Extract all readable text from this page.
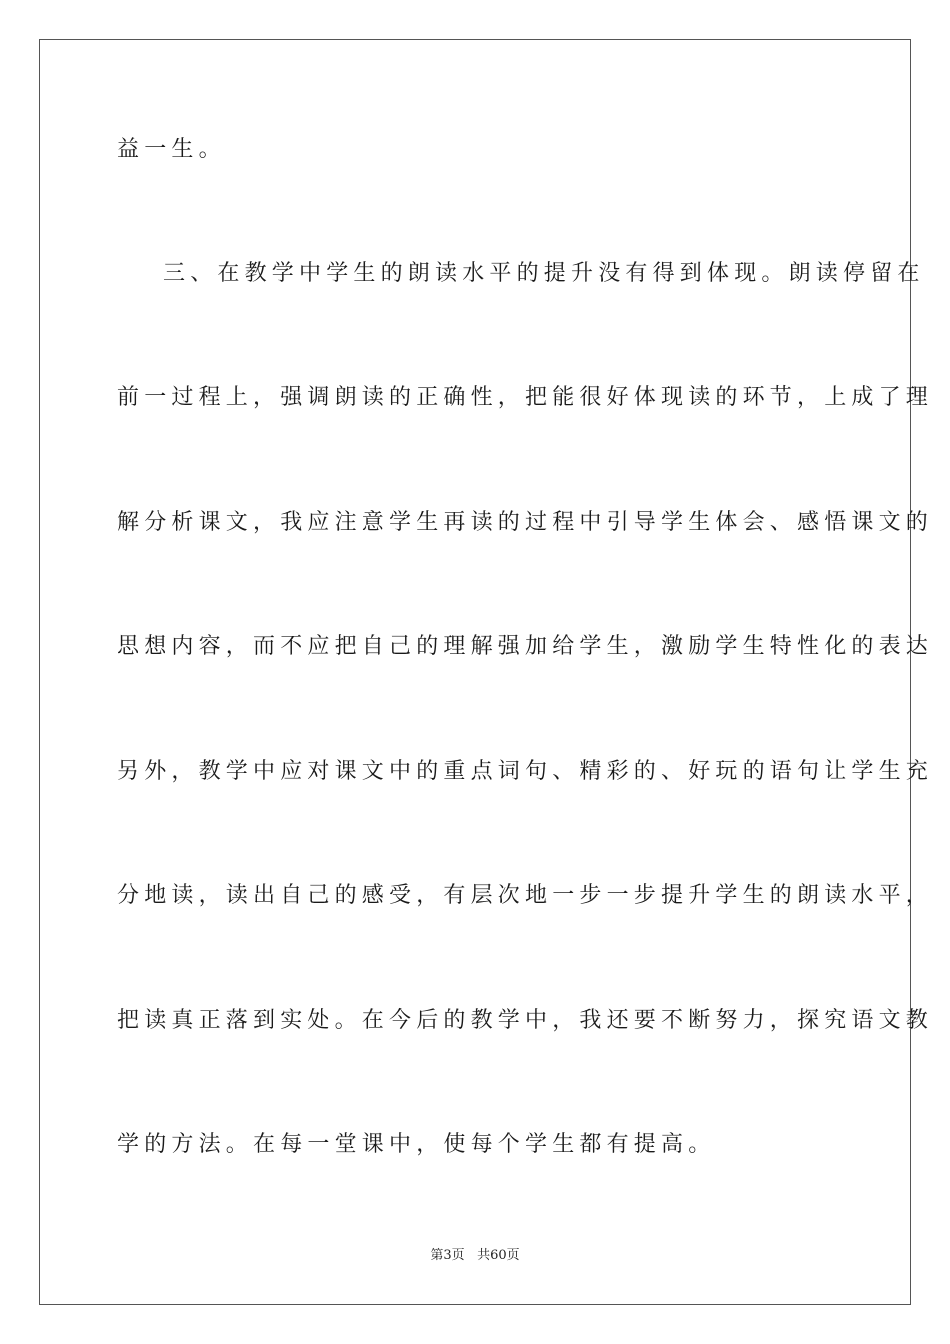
益一生。
三、在教学中学生的朗读水平的提升没有得到体现。朗读停留在
前一过程上，强调朗读的正确性，把能很好体现读的环节，上成了理
解分析课文，我应注意学生再读的过程中引导学生体会、感悟课文的
思想内容，而不应把自己的理解强加给学生，激励学生特性化的表达
另外，教学中应对课文中的重点词句、精彩的、好玩的语句让学生充
分地读，读出自己的感受，有层次地一步一步提升学生的朗读水平，
把读真正落到实处。在今后的教学中，我还要不断努力，探究语文教
学的方法。在每一堂课中，使每个学生都有提高。
第3页 共60页
